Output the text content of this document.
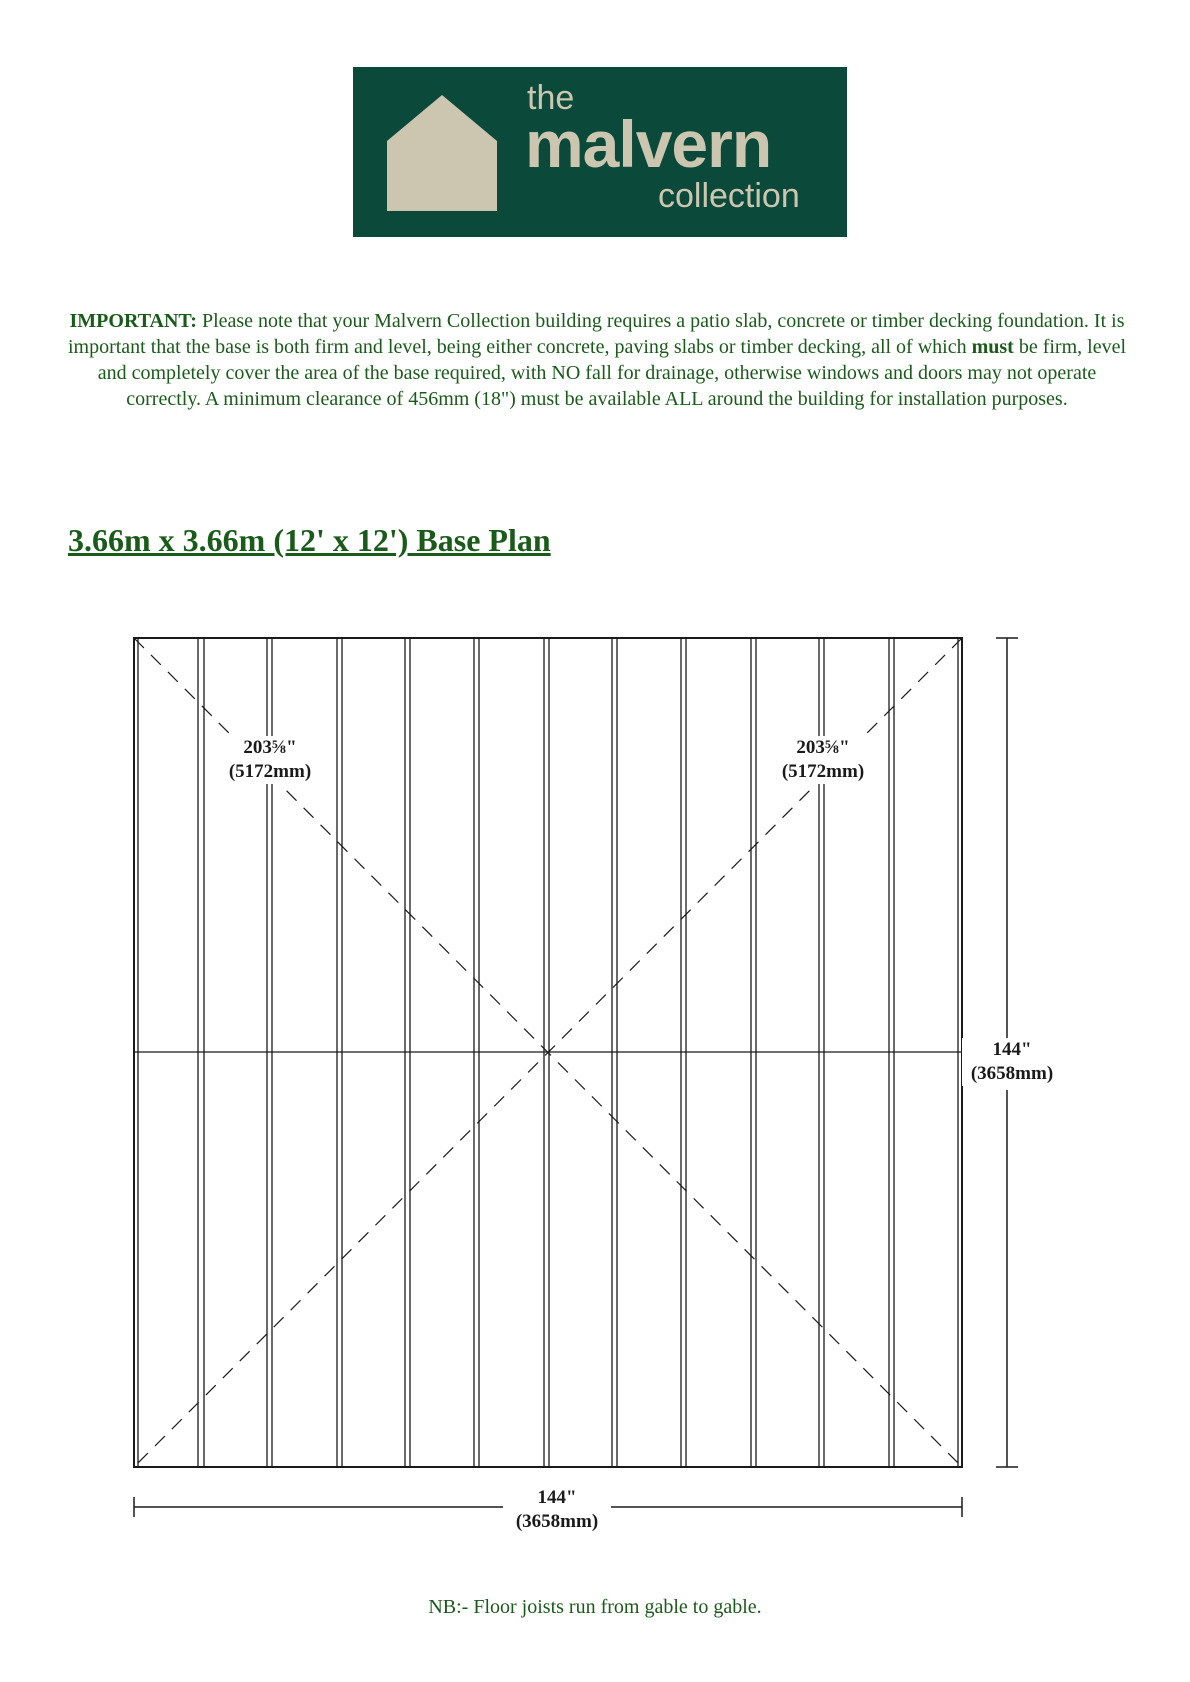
the
malvern
collection
IMPORTANT: Please note that your Malvern Collection building requires a patio slab, concrete or timber decking foundation. It is important that the base is both firm and level, being either concrete, paving slabs or timber decking, all of which must be firm, level and completely cover the area of the base required, with NO fall for drainage, otherwise windows and doors may not operate correctly. A minimum clearance of 456mm (18") must be available ALL around the building for installation purposes.
3.66m x 3.66m (12' x 12') Base Plan
203⅝"
(5172mm)
203⅝"
(5172mm)
144"
(3658mm)
144"
(3658mm)
NB:- Floor joists run from gable to gable.
